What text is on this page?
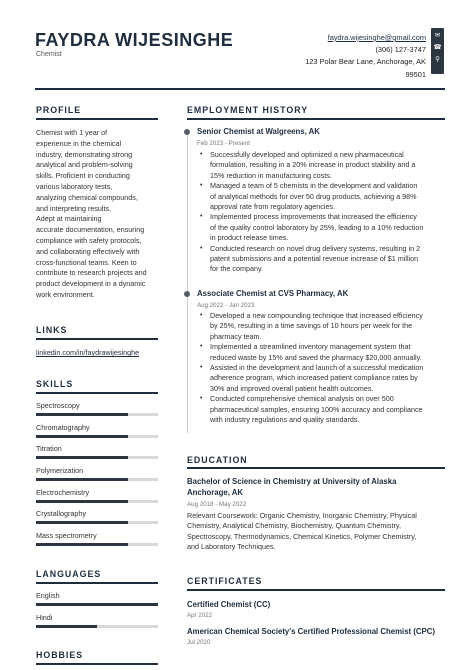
FAYDRA WIJESINGHE
Chemist
faydra.wijesinghe@gmail.com
(306) 127-3747
123 Polar Bear Lane, Anchorage, AK
99501
✉
☎
⚲
PROFILE
Chemist with 1 year of
experience in the chemical
industry, demonstrating strong
analytical and problem-solving
skills. Proficient in conducting
various laboratory tests,
analyzing chemical compounds,
and interpreting results.
Adept at maintaining
accurate documentation, ensuring
compliance with safety protocols,
and collaborating effectively with
cross-functional teams. Keen to
contribute to research projects and
product development in a dynamic
work environment.
LINKS
linkedin.com/in/faydrawijesinghe
SKILLS
Spectroscopy
Chromatography
Titration
Polymerization
Electrochemistry
Crystallography
Mass spectrometry
LANGUAGES
English
Hindi
HOBBIES
EMPLOYMENT HISTORY
Senior Chemist at Walgreens, AK
Feb 2023 - Present
• Successfully developed and optimized a new pharmaceutical
formulation, resulting in a 20% increase in product stability and a
15% reduction in manufacturing costs.
• Managed a team of 5 chemists in the development and validation
of analytical methods for over 50 drug products, achieving a 98%
approval rate from regulatory agencies.
• Implemented process improvements that increased the efficiency
of the quality control laboratory by 25%, leading to a 10% reduction
in product release times.
• Conducted research on novel drug delivery systems, resulting in 2
patent submissions and a potential revenue increase of $1 million
for the company.
Associate Chemist at CVS Pharmacy, AK
Aug 2022 - Jan 2023
• Developed a new compounding technique that increased efficiency
by 25%, resulting in a time savings of 10 hours per week for the
pharmacy team.
• Implemented a streamlined inventory management system that
reduced waste by 15% and saved the pharmacy $20,000 annually.
• Assisted in the development and launch of a successful medication
adherence program, which increased patient compliance rates by
30% and improved overall patient health outcomes.
• Conducted comprehensive chemical analysis on over 500
pharmaceutical samples, ensuring 100% accuracy and compliance
with industry regulations and quality standards.
EDUCATION
Bachelor of Science in Chemistry at University of Alaska
Anchorage, AK
Aug 2018 - May 2022
Relevant Coursework: Organic Chemistry, Inorganic Chemistry, Physical
Chemistry, Analytical Chemistry, Biochemistry, Quantum Chemistry,
Spectroscopy, Thermodynamics, Chemical Kinetics, Polymer Chemistry,
and Laboratory Techniques.
CERTIFICATES
Certified Chemist (CC)
Apr 2022
American Chemical Society's Certified Professional Chemist (CPC)
Jul 2020
